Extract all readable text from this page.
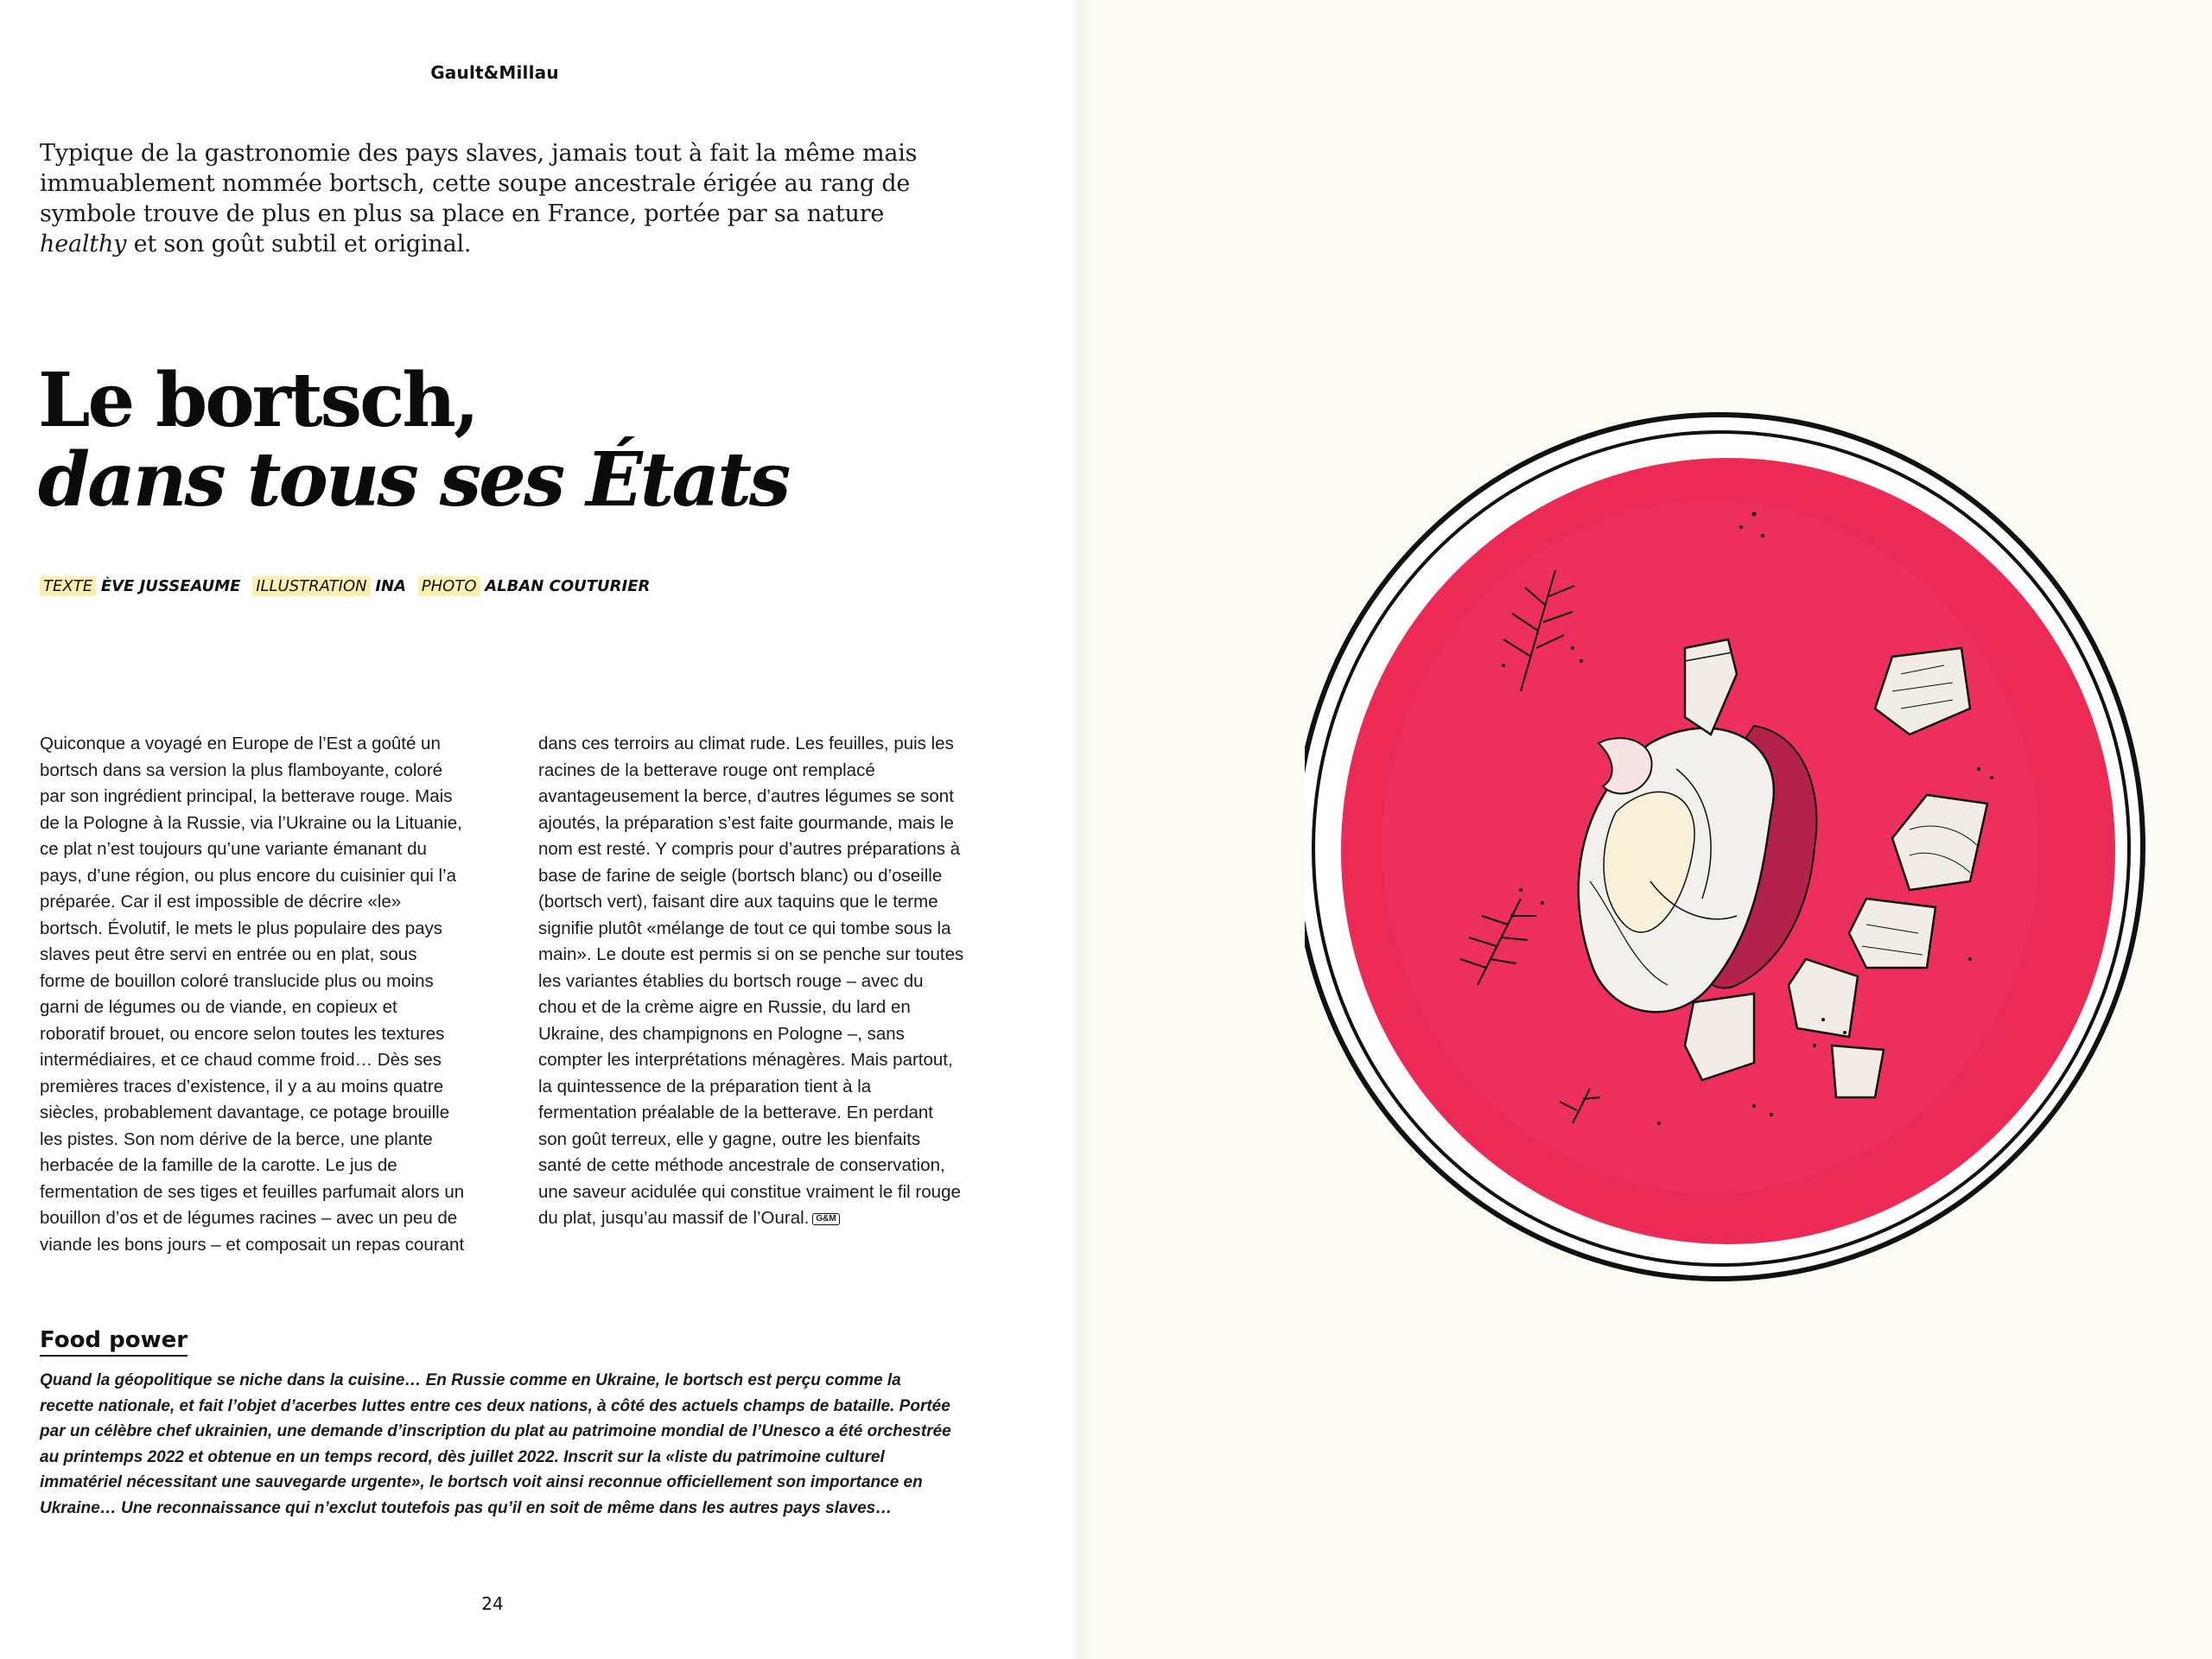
Gault&Millau

Typique de la gastronomie des pays slaves, jamais tout à fait la même mais immuablement nommée bortsch, cette soupe ancestrale érigée au rang de symbole trouve de plus en plus sa place en France, portée par sa nature healthy et son goût subtil et original.

Le bortsch,
dans tous ses États
TEXTE ÈVE JUSSEAUME ILLUSTRATION INA PHOTO ALBAN COUTURIER

Quiconque a voyagé en Europe de l’Est a goûté un bortsch dans sa version la plus flamboyante, coloré par son ingrédient principal, la betterave rouge. Mais de la Pologne à la Russie, via l’Ukraine ou la Lituanie, ce plat n’est toujours qu’une variante émanant du pays, d’une région, ou plus encore du cuisinier qui l’a préparée. Car il est impossible de décrire «le» bortsch. Évolutif, le mets le plus populaire des pays slaves peut être servi en entrée ou en plat, sous forme de bouillon coloré translucide plus ou moins garni de légumes ou de viande, en copieux et roboratif brouet, ou encore selon toutes les textures intermédiaires, et ce chaud comme froid… Dès ses premières traces d’existence, il y a au moins quatre siècles, probablement davantage, ce potage brouille les pistes. Son nom dérive de la berce, une plante herbacée de la famille de la carotte. Le jus de fermentation de ses tiges et feuilles parfumait alors un bouillon d’os et de légumes racines – avec un peu de viande les bons jours – et composait un repas courant dans ces terroirs au climat rude. Les feuilles, puis les racines de la betterave rouge ont remplacé avantageusement la berce, d’autres légumes se sont ajoutés, la préparation s’est faite gourmande, mais le nom est resté. Y compris pour d’autres préparations à base de farine de seigle (bortsch blanc) ou d’oseille (bortsch vert), faisant dire aux taquins que le terme signifie plutôt «mélange de tout ce qui tombe sous la main». Le doute est permis si on se penche sur toutes les variantes établies du bortsch rouge – avec du chou et de la crème aigre en Russie, du lard en Ukraine, des champignons en Pologne –, sans compter les interprétations ménagères. Mais partout, la quintessence de la préparation tient à la fermentation préalable de la betterave. En perdant son goût terreux, elle y gagne, outre les bienfaits santé de cette méthode ancestrale de conservation, une saveur acidulée qui constitue vraiment le fil rouge du plat, jusqu’au massif de l’Oural. G&M

Food power

Quand la géopolitique se niche dans la cuisine… En Russie comme en Ukraine, le bortsch est perçu comme la recette nationale, et fait l’objet d’acerbes luttes entre ces deux nations, à côté des actuels champs de bataille. Portée par un célèbre chef ukrainien, une demande d’inscription du plat au patrimoine mondial de l’Unesco a été orchestrée au printemps 2022 et obtenue en un temps record, dès juillet 2022. Inscrit sur la «liste du patrimoine culturel immatériel nécessitant une sauvegarde urgente», le bortsch voit ainsi reconnue officiellement son importance en Ukraine… Une reconnaissance qui n’exclut toutefois pas qu’il en soit de même dans les autres pays slaves…

24
